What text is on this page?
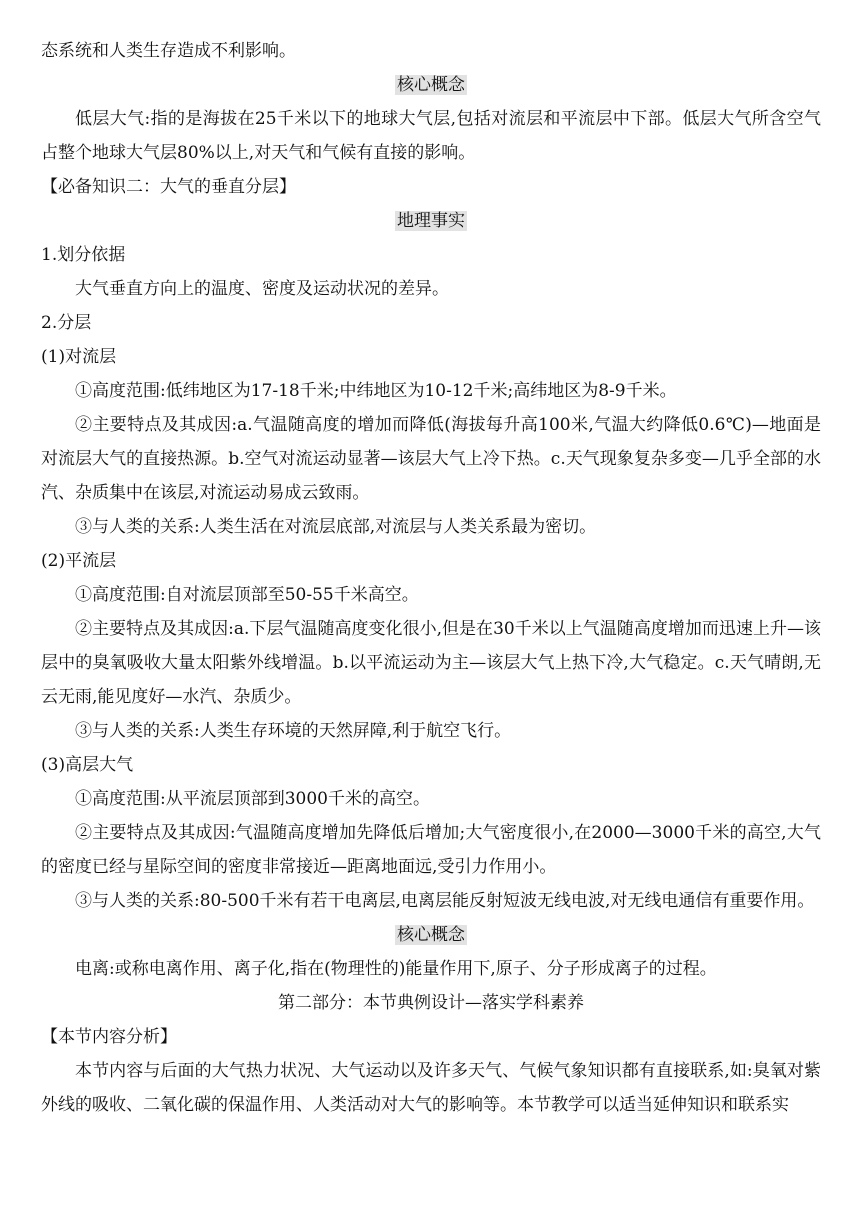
态系统和人类生存造成不利影响。

核心概念

低层大气:指的是海拔在25千米以下的地球大气层,包括对流层和平流层中下部。低层大气所含空气占整个地球大气层80%以上,对天气和气候有直接的影响。

【必备知识二：大气的垂直分层】

地理事实

1.划分依据

大气垂直方向上的温度、密度及运动状况的差异。

2.分层

(1)对流层

①高度范围:低纬地区为17-18千米;中纬地区为10-12千米;高纬地区为8-9千米。

②主要特点及其成因:a.气温随高度的增加而降低(海拔每升高100米,气温大约降低0.6℃)—地面是对流层大气的直接热源。b.空气对流运动显著—该层大气上冷下热。c.天气现象复杂多变—几乎全部的水汽、杂质集中在该层,对流运动易成云致雨。

③与人类的关系:人类生活在对流层底部,对流层与人类关系最为密切。

(2)平流层

①高度范围:自对流层顶部至50-55千米高空。

②主要特点及其成因:a.下层气温随高度变化很小,但是在30千米以上气温随高度增加而迅速上升—该层中的臭氧吸收大量太阳紫外线增温。b.以平流运动为主—该层大气上热下冷,大气稳定。c.天气晴朗,无云无雨,能见度好—水汽、杂质少。

③与人类的关系:人类生存环境的天然屏障,利于航空飞行。

(3)高层大气

①高度范围:从平流层顶部到3000千米的高空。

②主要特点及其成因:气温随高度增加先降低后增加;大气密度很小,在2000—3000千米的高空,大气的密度已经与星际空间的密度非常接近—距离地面远,受引力作用小。

③与人类的关系:80-500千米有若干电离层,电离层能反射短波无线电波,对无线电通信有重要作用。

核心概念

电离:或称电离作用、离子化,指在(物理性的)能量作用下,原子、分子形成离子的过程。

第二部分：本节典例设计—落实学科素养

【本节内容分析】

本节内容与后面的大气热力状况、大气运动以及许多天气、气候气象知识都有直接联系,如:臭氧对紫外线的吸收、二氧化碳的保温作用、人类活动对大气的影响等。本节教学可以适当延伸知识和联系实
